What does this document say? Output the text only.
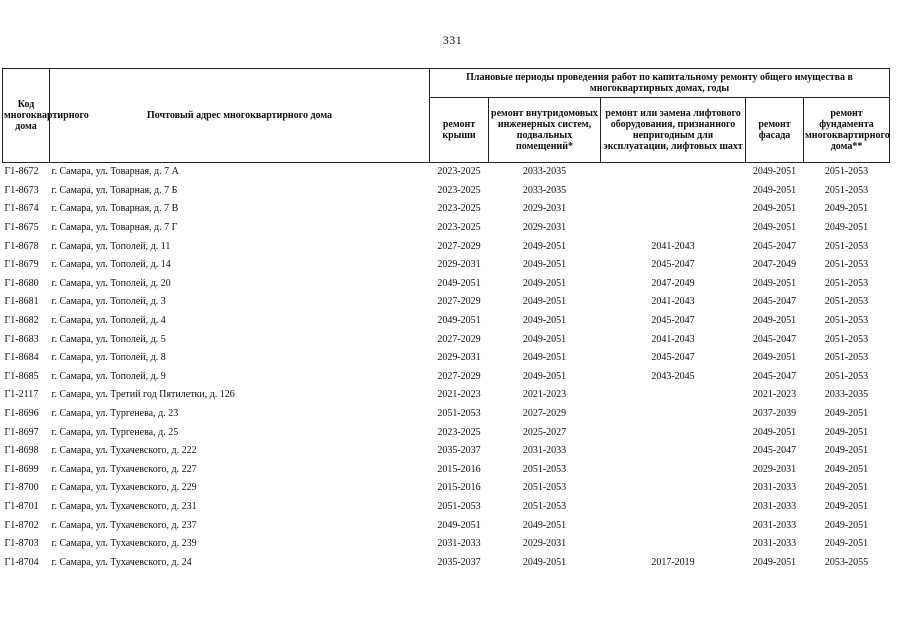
331
Код многоквартирного дома	Почтовый адрес многоквартирного дома	Плановые периоды проведения работ по капитальному ремонту общего имущества в многоквартирных домах, годы				
		ремонт крыши	ремонт внутридомовых инженерных систем, подвальных помещений*	ремонт или замена лифтового оборудования, признанного непригодным для эксплуатации, лифтовых шахт	ремонт фасада	ремонт фундамента многоквартирного дома**
Г1-8672	г. Самара, ул. Товарная, д. 7 А	2023-2025	2033-2035		2049-2051	2051-2053
Г1-8673	г. Самара, ул. Товарная, д. 7 Б	2023-2025	2033-2035		2049-2051	2051-2053
Г1-8674	г. Самара, ул. Товарная, д. 7 В	2023-2025	2029-2031		2049-2051	2049-2051
Г1-8675	г. Самара, ул. Товарная, д. 7 Г	2023-2025	2029-2031		2049-2051	2049-2051
Г1-8678	г. Самара, ул. Тополей, д. 11	2027-2029	2049-2051	2041-2043	2045-2047	2051-2053
Г1-8679	г. Самара, ул. Тополей, д. 14	2029-2031	2049-2051	2045-2047	2047-2049	2051-2053
Г1-8680	г. Самара, ул. Тополей, д. 20	2049-2051	2049-2051	2047-2049	2049-2051	2051-2053
Г1-8681	г. Самара, ул. Тополей, д. 3	2027-2029	2049-2051	2041-2043	2045-2047	2051-2053
Г1-8682	г. Самара, ул. Тополей, д. 4	2049-2051	2049-2051	2045-2047	2049-2051	2051-2053
Г1-8683	г. Самара, ул. Тополей, д. 5	2027-2029	2049-2051	2041-2043	2045-2047	2051-2053
Г1-8684	г. Самара, ул. Тополей, д. 8	2029-2031	2049-2051	2045-2047	2049-2051	2051-2053
Г1-8685	г. Самара, ул. Тополей, д. 9	2027-2029	2049-2051	2043-2045	2045-2047	2051-2053
Г1-2117	г. Самара, ул. Третий год Пятилетки, д. 126	2021-2023	2021-2023		2021-2023	2033-2035
Г1-8696	г. Самара, ул. Тургенева, д. 23	2051-2053	2027-2029		2037-2039	2049-2051
Г1-8697	г. Самара, ул. Тургенева, д. 25	2023-2025	2025-2027		2049-2051	2049-2051
Г1-8698	г. Самара, ул. Тухачевского, д. 222	2035-2037	2031-2033		2045-2047	2049-2051
Г1-8699	г. Самара, ул. Тухачевского, д. 227	2015-2016	2051-2053		2029-2031	2049-2051
Г1-8700	г. Самара, ул. Тухачевского, д. 229	2015-2016	2051-2053		2031-2033	2049-2051
Г1-8701	г. Самара, ул. Тухачевского, д. 231	2051-2053	2051-2053		2031-2033	2049-2051
Г1-8702	г. Самара, ул. Тухачевского, д. 237	2049-2051	2049-2051		2031-2033	2049-2051
Г1-8703	г. Самара, ул. Тухачевского, д. 239	2031-2033	2029-2031		2031-2033	2049-2051
Г1-8704	г. Самара, ул. Тухачевского, д. 24	2035-2037	2049-2051	2017-2019	2049-2051	2053-2055
